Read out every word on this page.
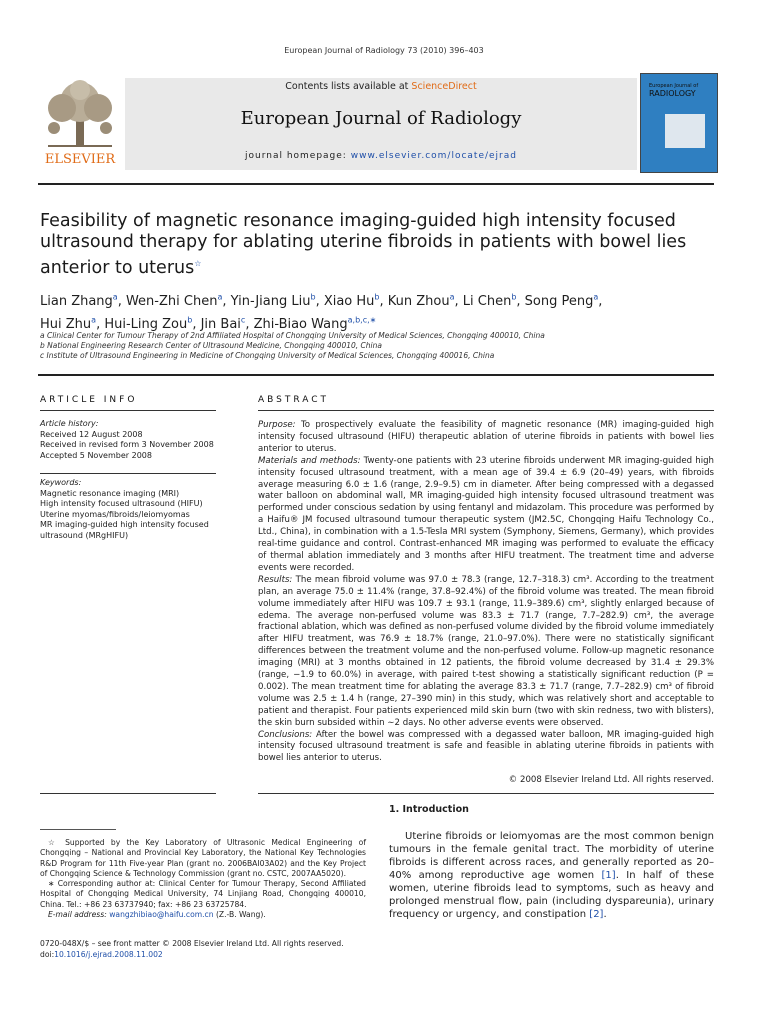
European Journal of Radiology 73 (2010) 396–403
ELSEVIER
Contents lists available at ScienceDirect
European Journal of Radiology
journal homepage: www.elsevier.com/locate/ejrad
European Journal of
RADIOLOGY
Feasibility of magnetic resonance imaging-guided high intensity focused ultrasound therapy for ablating uterine fibroids in patients with bowel lies anterior to uterus☆
Lian Zhang$^a$, Wen-Zhi Chen$^a$, Yin-Jiang Liu$^b$, Xiao Hu$^b$, Kun Zhou$^a$, Li Chen$^b$, Song Peng$^a$,
Hui Zhu$^a$, Hui-Ling Zou$^b$, Jin Bai$^c$, Zhi-Biao Wang$^{a,b,c,∗}$
a Clinical Center for Tumour Therapy of 2nd Affiliated Hospital of Chongqing University of Medical Sciences, Chongqing 400010, China
b National Engineering Research Center of Ultrasound Medicine, Chongqing 400010, China
c Institute of Ultrasound Engineering in Medicine of Chongqing University of Medical Sciences, Chongqing 400016, China
ARTICLE INFO
Article history:
Received 12 August 2008
Received in revised form 3 November 2008
Accepted 5 November 2008
Keywords:
Magnetic resonance imaging (MRI)
High intensity focused ultrasound (HIFU)
Uterine myomas/fibroids/leiomyomas
MR imaging-guided high intensity focused ultrasound (MRgHIFU)
ABSTRACT

Purpose: To prospectively evaluate the feasibility of magnetic resonance (MR) imaging-guided high intensity focused ultrasound (HIFU) therapeutic ablation of uterine fibroids in patients with bowel lies anterior to uterus.

Materials and methods: Twenty-one patients with 23 uterine fibroids underwent MR imaging-guided high intensity focused ultrasound treatment, with a mean age of 39.4 ± 6.9 (20–49) years, with fibroids average measuring 6.0 ± 1.6 (range, 2.9–9.5) cm in diameter. After being compressed with a degassed water balloon on abdominal wall, MR imaging-guided high intensity focused ultrasound treatment was performed under conscious sedation by using fentanyl and midazolam. This procedure was performed by a Haifu® JM focused ultrasound tumour therapeutic system (JM2.5C, Chongqing Haifu Technology Co., Ltd., China), in combination with a 1.5-Tesla MRI system (Symphony, Siemens, Germany), which provides real-time guidance and control. Contrast-enhanced MR imaging was performed to evaluate the efficacy of thermal ablation immediately and 3 months after HIFU treatment. The treatment time and adverse events were recorded.

Results: The mean fibroid volume was 97.0 ± 78.3 (range, 12.7–318.3) cm³. According to the treatment plan, an average 75.0 ± 11.4% (range, 37.8–92.4%) of the fibroid volume was treated. The mean fibroid volume immediately after HIFU was 109.7 ± 93.1 (range, 11.9–389.6) cm³, slightly enlarged because of edema. The average non-perfused volume was 83.3 ± 71.7 (range, 7.7–282.9) cm³, the average fractional ablation, which was defined as non-perfused volume divided by the fibroid volume immediately after HIFU treatment, was 76.9 ± 18.7% (range, 21.0–97.0%). There were no statistically significant differences between the treatment volume and the non-perfused volume. Follow-up magnetic resonance imaging (MRI) at 3 months obtained in 12 patients, the fibroid volume decreased by 31.4 ± 29.3% (range, −1.9 to 60.0%) in average, with paired t-test showing a statistically significant reduction (P = 0.002). The mean treatment time for ablating the average 83.3 ± 71.7 (range, 7.7–282.9) cm³ of fibroid volume was 2.5 ± 1.4 h (range, 27–390 min) in this study, which was relatively short and acceptable to patient and therapist. Four patients experienced mild skin burn (two with skin redness, two with blisters), the skin burn subsided within ∼2 days. No other adverse events were observed.

Conclusions: After the bowel was compressed with a degassed water balloon, MR imaging-guided high intensity focused ultrasound treatment is safe and feasible in ablating uterine fibroids in patients with bowel lies anterior to uterus.

© 2008 Elsevier Ireland Ltd. All rights reserved.
1. Introduction
Uterine fibroids or leiomyomas are the most common benign tumours in the female genital tract. The morbidity of uterine fibroids is different across races, and generally reported as 20–40% among reproductive age women [1]. In half of these women, uterine fibroids lead to symptoms, such as heavy and prolonged menstrual flow, pain (including dyspareunia), urinary frequency or urgency, and constipation [2].

☆ Supported by the Key Laboratory of Ultrasonic Medical Engineering of Chongqing – National and Provincial Key Laboratory, the National Key Technologies R&D Program for 11th Five-year Plan (grant no. 2006BAI03A02) and the Key Project of Chongqing Science & Technology Commission (grant no. CSTC, 2007AA5020).

∗ Corresponding author at: Clinical Center for Tumour Therapy, Second Affiliated Hospital of Chongqing Medical University, 74 Linjiang Road, Chongqing 400010, China. Tel.: +86 23 63737940; fax: +86 23 63725784.

E-mail address: wangzhibiao@haifu.com.cn (Z.-B. Wang).

0720-048X/$ – see front matter © 2008 Elsevier Ireland Ltd. All rights reserved.
doi:10.1016/j.ejrad.2008.11.002
